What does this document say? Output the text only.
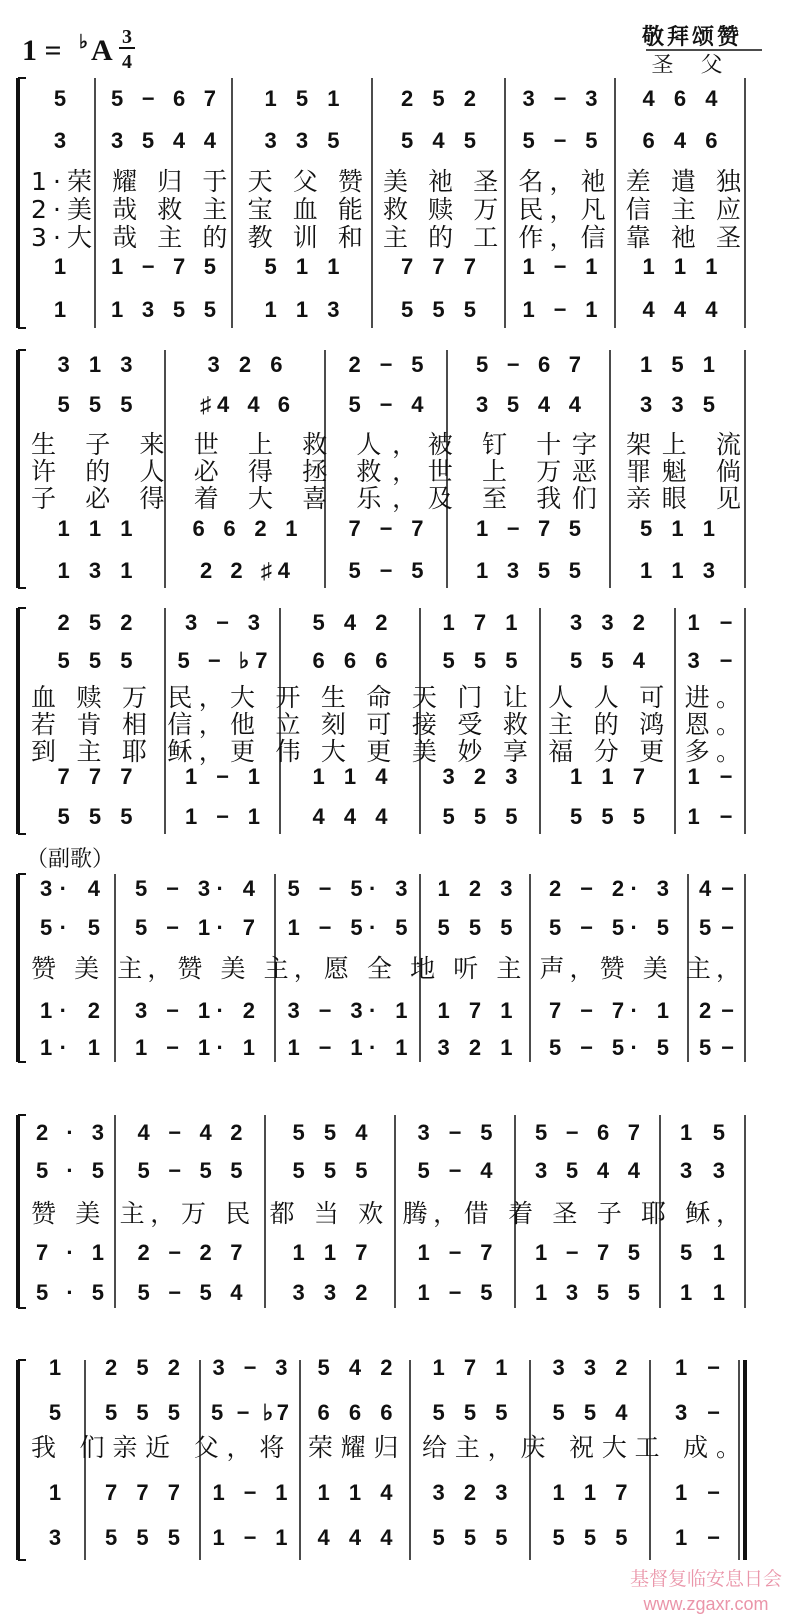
1 = ♭ A 3
4
敬拜颂赞
圣 父
（副歌）
基督复临安息日会
www.zgaxr.com
5
3
1
1
5 − 6 7
3 5 4 4
1 − 7 5
1 3 5 5
1 5 1
3 3 5
5 1 1
1 1 3
2 5 2
5 4 5
7 7 7
5 5 5
3 − 3
5 − 5
1 − 1
1 − 1
4 6 4
6 4 6
1 1 1
4 4 4
1·荣 耀 归 于 天 父 赞 美 祂 圣 名，祂 差 遣 独
2·美 哉 救 主 宝 血 能 救 赎 万 民，凡 信 主 应
3·大 哉 主 的 教 训 和 主 的 工 作，信 靠 祂 圣
3 1 3
5 5 5
1 1 1
1 3 1
3 2 6
♯4 4 6
6 6 2 1
2 2 ♯4
2 − 5
5 − 4
7 − 7
5 − 5
5 − 6 7
3 5 4 4
1 − 7 5
1 3 5 5
1 5 1
3 3 5
5 1 1
1 1 3
生 子 来 世 上 救 人，被 钉 十字 架上 流
许 的 人 必 得 拯 救，世 上 万恶 罪魁 倘
子 必 得 着 大 喜 乐，及 至 我们 亲眼 见
2 5 2
5 5 5
7 7 7
5 5 5
3 − 3
5 − ♭7
1 − 1
1 − 1
5 4 2
6 6 6
1 1 4
4 4 4
1 7 1
5 5 5
3 2 3
5 5 5
3 3 2
5 5 4
1 1 7
5 5 5
1 −
3 −
1 −
1 −
血 赎 万 民，大 开 生 命 天 门 让 人 人 可 进。
若 肯 相 信，他 立 刻 可 接 受 救 主 的 鸿 恩。
到 主 耶 稣，更 伟 大 更 美 妙 享 福 分 更 多。
3· 4
5· 5
1· 2
1· 1
5 − 3· 4
5 − 1· 7
3 − 1· 2
1 − 1· 1
5 − 5· 3
1 − 5· 5
3 − 3· 1
1 − 1· 1
1 2 3
5 5 5
1 7 1
3 2 1
2 − 2· 3
5 − 5· 5
7 − 7· 1
5 − 5· 5
4 −
5 −
2 −
5 −
赞 美 主，赞 美 主，愿 全 地 听 主 声，赞 美 主，
2 · 3
5 · 5
7 · 1
5 · 5
4 − 4 2
5 − 5 5
2 − 2 7
5 − 5 4
5 5 4
5 5 5
1 1 7
3 3 2
3 − 5
5 − 4
1 − 7
1 − 5
5 − 6 7
3 5 4 4
1 − 7 5
1 3 5 5
1 5
3 3
5 1
1 1
赞 美 主，万 民 都 当 欢 腾，借 着 圣 子 耶 稣，
1
5
1
3
2 5 2
5 5 5
7 7 7
5 5 5
3 − 3
5 − ♭7
1 − 1
1 − 1
5 4 2
6 6 6
1 1 4
4 4 4
1 7 1
5 5 5
3 2 3
5 5 5
3 3 2
5 5 4
1 1 7
5 5 5
1 −
3 −
1 −
1 −
我 们亲近 父，将 荣耀归 给主，庆 祝大工 成。
